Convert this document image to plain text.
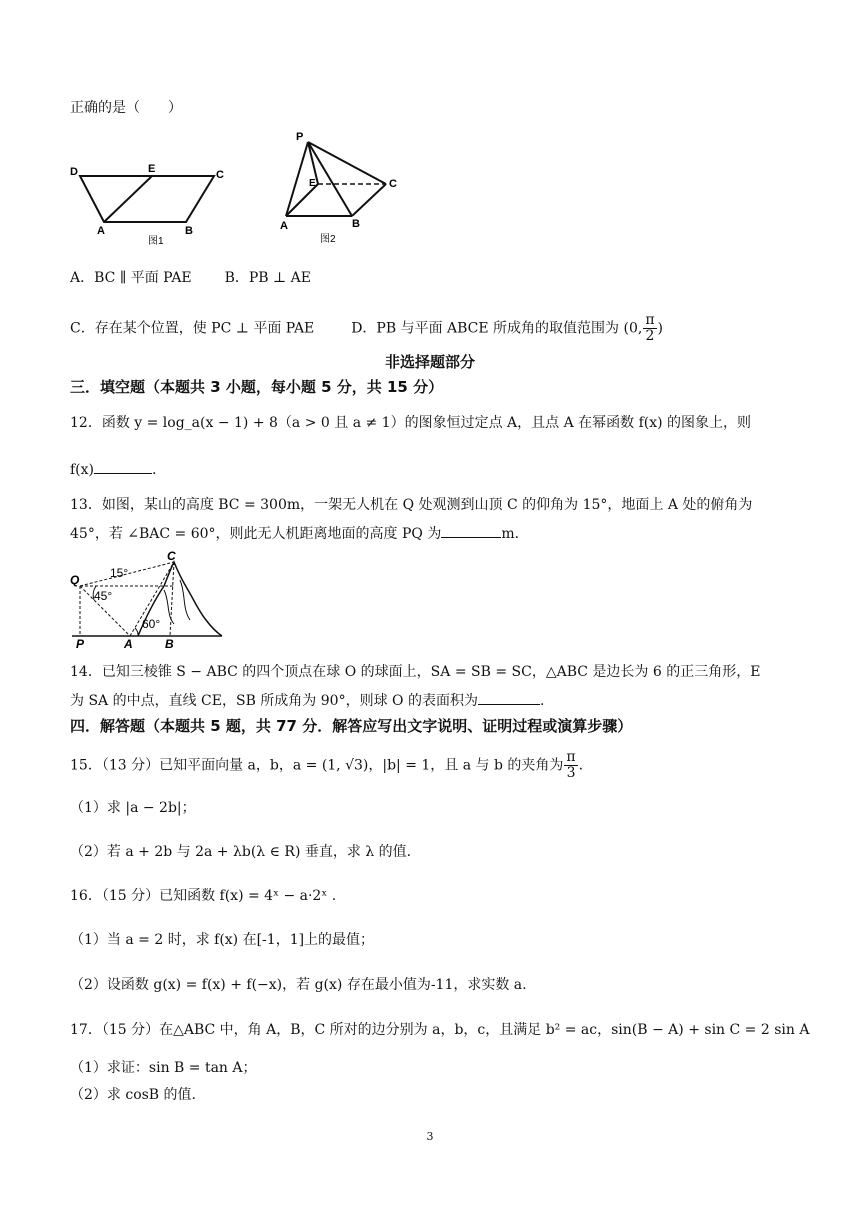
正确的是（　　）
D	E	C
A	B
图1
P
E	C
A	B
图2
A．BC ∥ 平面 PAE B．PB ⊥ AE
C．存在某个位置，使 PC ⊥ 平面 PAE	D．PB 与平面 ABCE 所成角的取值范围为 (0, $\frac{\pi}{2}$ )
非选择题部分
三．填空题（本题共 3 小题，每小题 5 分，共 15 分）
12．函数 y = log_a(x − 1) + 8（a > 0 且 a ≠ 1）的图象恒过定点 A，且点 A 在幂函数 f(x) 的图象上，则
f(x)	.
13．如图，某山的高度 BC = 300m，一架无人机在 Q 处观测到山顶 C 的仰角为 15°，地面上 A 处的俯角为
45°，若 ∠BAC = 60°，则此无人机距离地面的高度 PQ 为	m．
Q
C
P	A	B
15°
45°
60°
14．已知三棱锥 S − ABC 的四个顶点在球 O 的球面上，SA = SB = SC，△ABC 是边长为 6 的正三角形，E
为 SA 的中点，直线 CE，SB 所成角为 90°，则球 O 的表面积为	.
四．解答题（本题共 5 题，共 77 分．解答应写出文字说明、证明过程或演算步骤）
15．（13 分）已知平面向量 a，b，a = (1, √3)，|b| = 1，且 a 与 b 的夹角为 $\frac{\pi}{3}$ .
（1）求 |a − 2b|；
（2）若 a + 2b 与 2a + λb(λ ∈ R) 垂直，求 λ 的值.
16．（15 分）已知函数 f(x) = 4ˣ − a·2ˣ .
（1）当 a = 2 时，求 f(x) 在[-1，1]上的最值；
（2）设函数 g(x) = f(x) + f(−x)，若 g(x) 存在最小值为-11，求实数 a.
17．（15 分）在△ABC 中，角 A，B，C 所对的边分别为 a，b，c，且满足 b² = ac，sin(B − A) + sin C = 2 sin A
（1）求证：sin B = tan A；
（2）求 cosB 的值.
3
